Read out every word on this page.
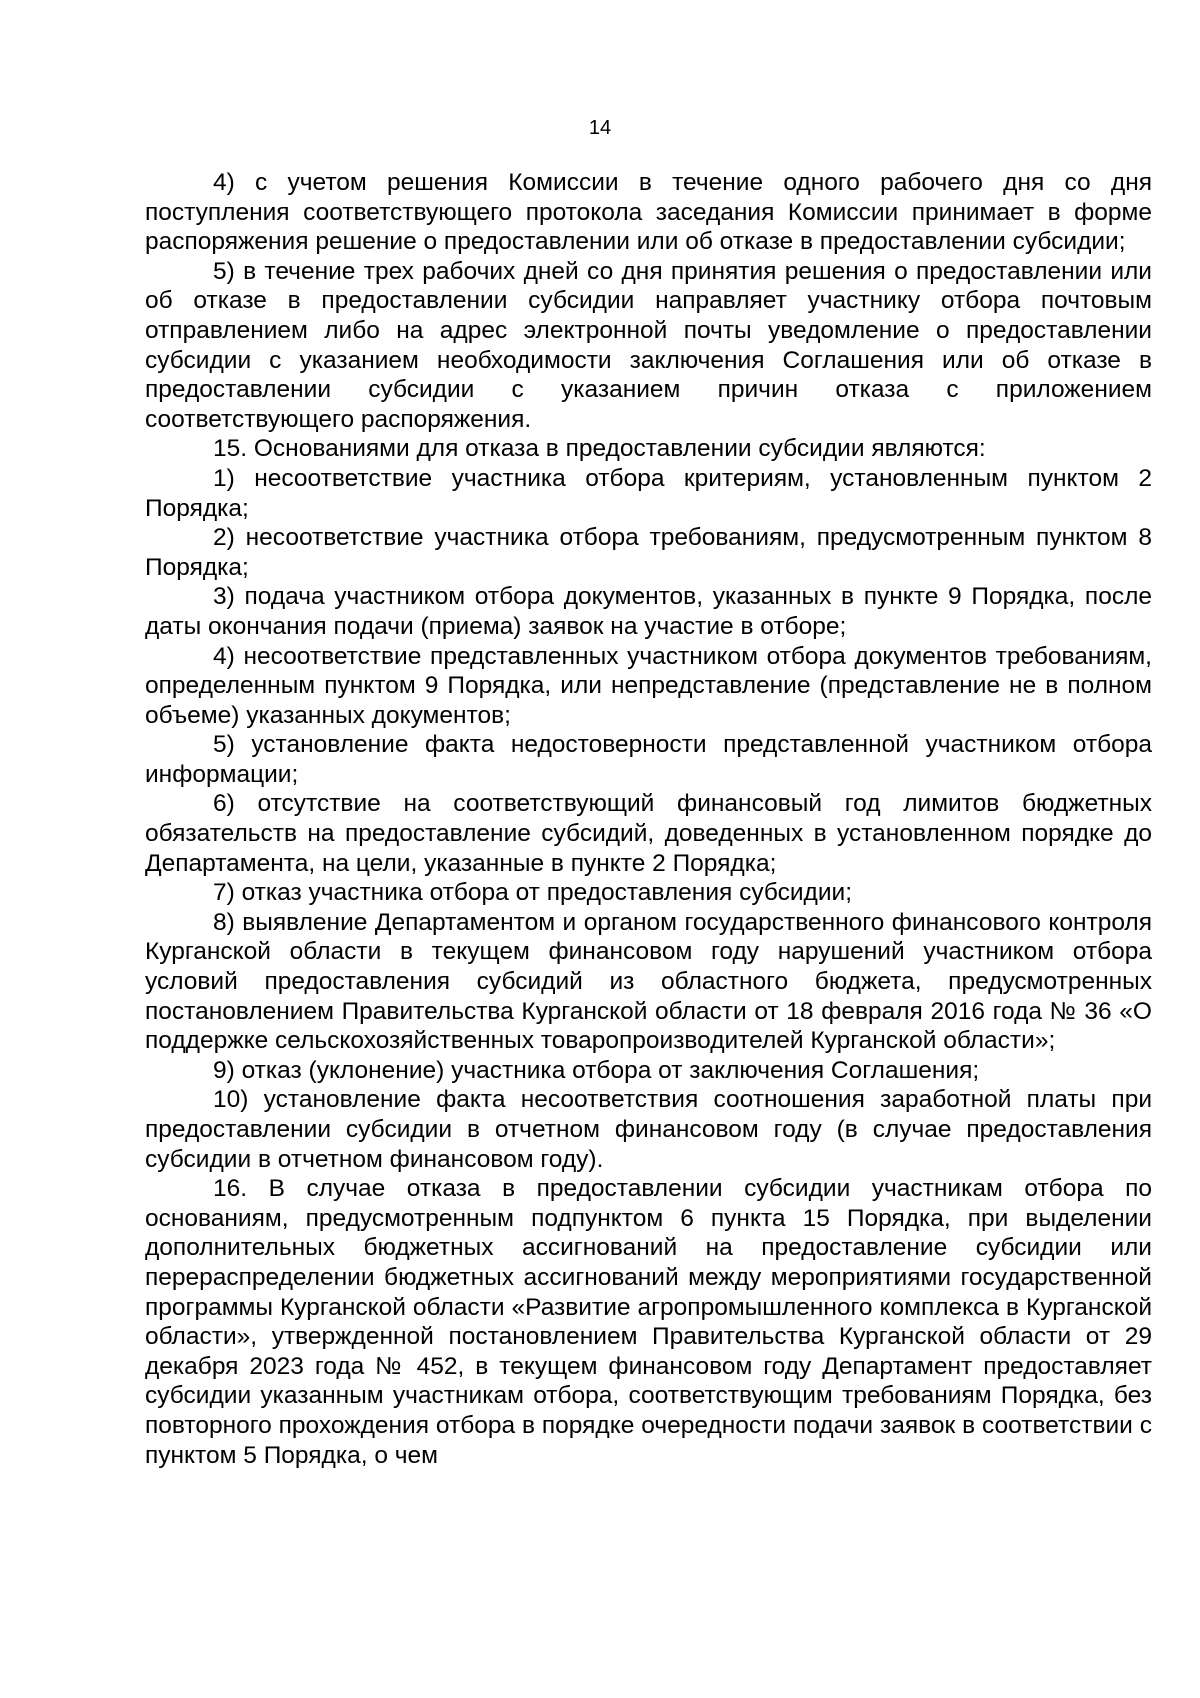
14

4) с учетом решения Комиссии в течение одного рабочего дня со дня поступления соответствующего протокола заседания Комиссии принимает в форме распоряжения решение о предоставлении или об отказе в предоставлении субсидии;

5) в течение трех рабочих дней со дня принятия решения о предоставлении или об отказе в предоставлении субсидии направляет участнику отбора почтовым отправлением либо на адрес электронной почты уведомление о предоставлении субсидии с указанием необходимости заключения Соглашения или об отказе в предоставлении субсидии с указанием причин отказа с приложением соответствующего распоряжения.

15. Основаниями для отказа в предоставлении субсидии являются:

1) несоответствие участника отбора критериям, установленным пунктом 2 Порядка;

2) несоответствие участника отбора требованиям, предусмотренным пунктом 8 Порядка;

3) подача участником отбора документов, указанных в пункте 9 Порядка, после даты окончания подачи (приема) заявок на участие в отборе;

4) несоответствие представленных участником отбора документов требованиям, определенным пунктом 9 Порядка, или непредставление (представление не в полном объеме) указанных документов;

5) установление факта недостоверности представленной участником отбора информации;

6) отсутствие на соответствующий финансовый год лимитов бюджетных обязательств на предоставление субсидий, доведенных в установленном порядке до Департамента, на цели, указанные в пункте 2 Порядка;

7) отказ участника отбора от предоставления субсидии;

8) выявление Департаментом и органом государственного финансового контроля Курганской области в текущем финансовом году нарушений участником отбора условий предоставления субсидий из областного бюджета, предусмотренных постановлением Правительства Курганской области от 18 февраля 2016 года № 36 «О поддержке сельскохозяйственных товаропроизводителей Курганской области»;

9) отказ (уклонение) участника отбора от заключения Соглашения;

10) установление факта несоответствия соотношения заработной платы при предоставлении субсидии в отчетном финансовом году (в случае предоставления субсидии в отчетном финансовом году).

16. В случае отказа в предоставлении субсидии участникам отбора по основаниям, предусмотренным подпунктом 6 пункта 15 Порядка, при выделении дополнительных бюджетных ассигнований на предоставление субсидии или перераспределении бюджетных ассигнований между мероприятиями государственной программы Курганской области «Развитие агропромышленного комплекса в Курганской области», утвержденной постановлением Правительства Курганской области от 29 декабря 2023 года № 452, в текущем финансовом году Департамент предоставляет субсидии указанным участникам отбора, соответствующим требованиям Порядка, без повторного прохождения отбора в порядке очередности подачи заявок в соответствии с пунктом 5 Порядка, о чем
